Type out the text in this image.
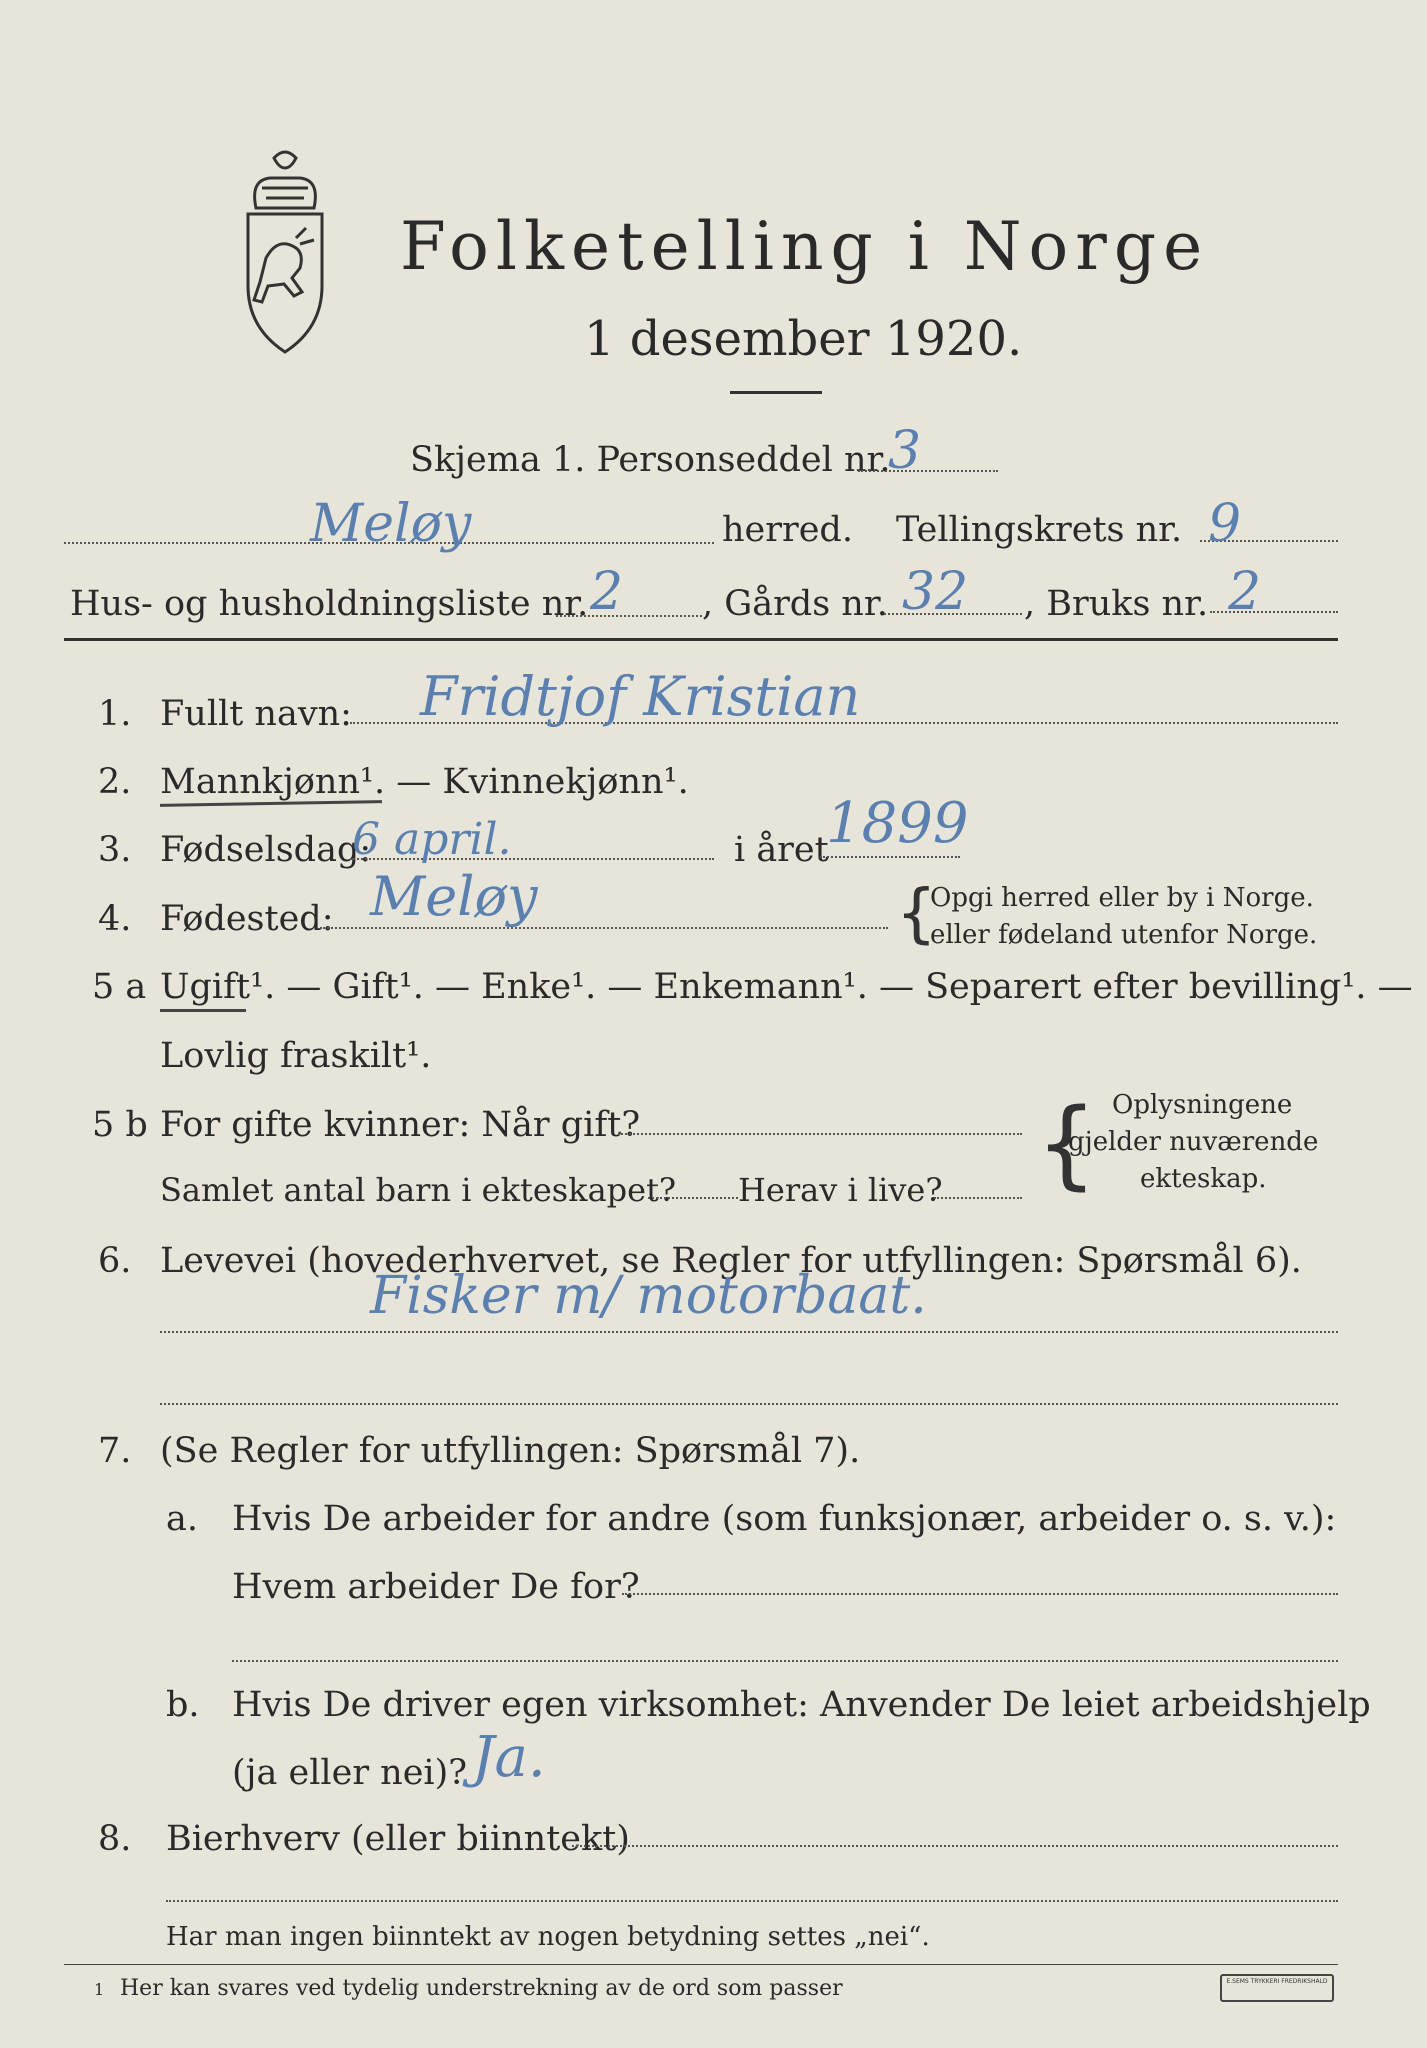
Folketelling i Norge
1 desember 1920.
Skjema 1. Personseddel nr.
3
Meløy	herred. Tellingskrets nr. 9
Hus- og husholdningsliste nr. 2 , Gårds nr. 32 , Bruks nr. 2
1. Fullt navn: Fridtjof Kristian
2. Mannkjønn¹. — Kvinnekjønn¹.
3. Fødselsdag:
6 april.	i året
1899
4. Fødested: Meløy	{
Opgi herred eller by i Norge.
eller fødeland utenfor Norge.
5 a Ugift¹. — Gift¹. — Enke¹. — Enkemann¹. — Separert efter bevilling¹. —
Lovlig fraskilt¹.
5 b For gifte kvinner: Når gift?
Samlet antal barn i ekteskapet? Herav i live? { Oplysningene
gjelder nuværende
ekteskap.
6. Levevei (hovederhvervet, se Regler for utfyllingen: Spørsmål 6).
Fisker m/ motorbaat.
7. (Se Regler for utfyllingen: Spørsmål 7).
a. Hvis De arbeider for andre (som funksjonær, arbeider o. s. v.):
Hvem arbeider De for?
b. Hvis De driver egen virksomhet: Anvender De leiet arbeidshjelp
(ja eller nei)? Ja.
8. Bierhverv (eller biinntekt)
Har man ingen biinntekt av nogen betydning settes „nei“.
1 Her kan svares ved tydelig understrekning av de ord som passer	E.SEMS TRYKKERI FREDRIKSHALD
